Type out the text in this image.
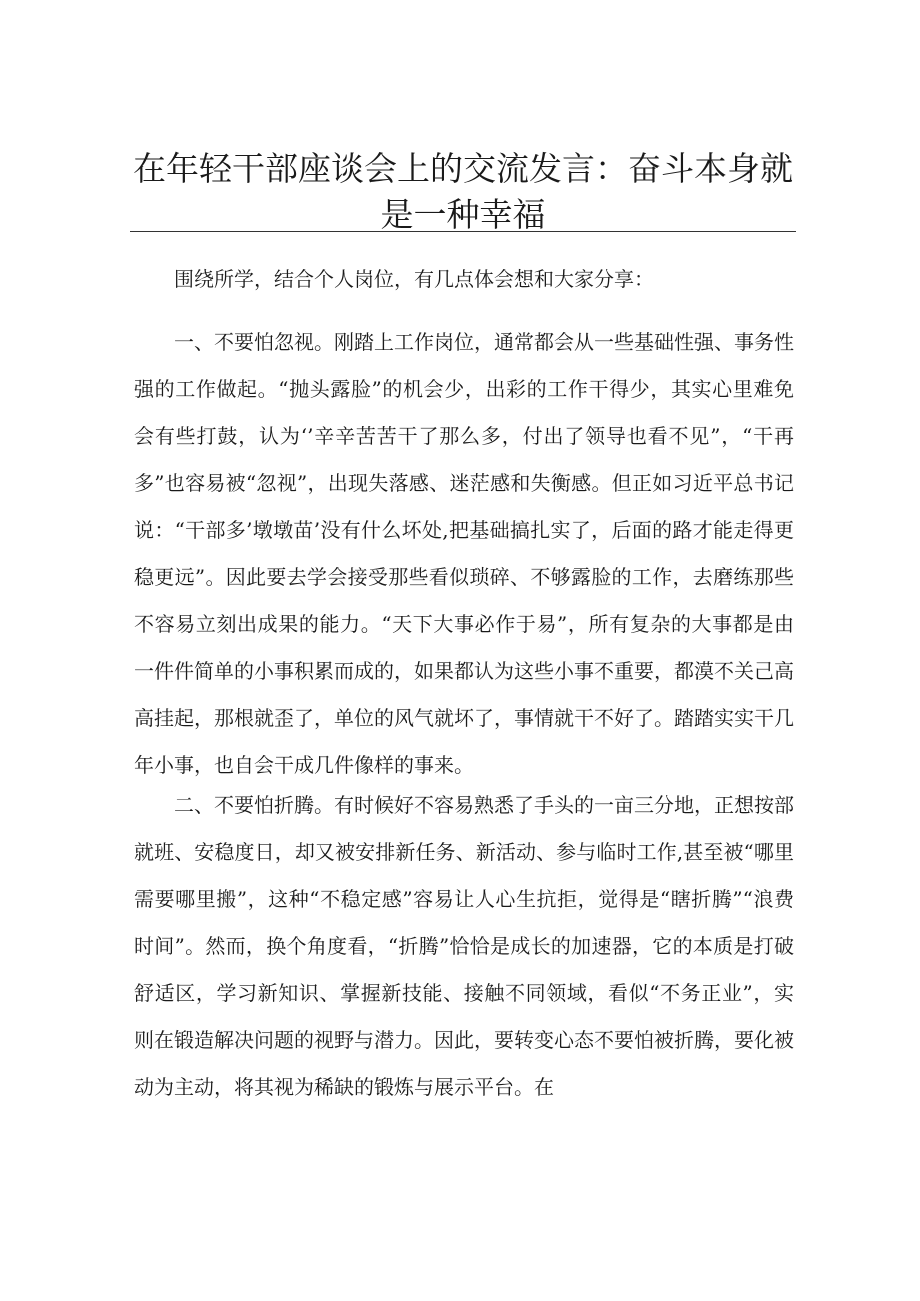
在年轻干部座谈会上的交流发言：奋斗本身就是一种幸福

围绕所学，结合个人岗位，有几点体会想和大家分享：

一、不要怕忽视。刚踏上工作岗位，通常都会从一些基础性强、事务性强的工作做起。“抛头露脸”的机会少，出彩的工作干得少，其实心里难免会有些打鼓，认为‘’辛辛苦苦干了那么多，付出了领导也看不见”，“干再多”也容易被“忽视”，出现失落感、迷茫感和失衡感。但正如习近平总书记说：“干部多’墩墩苗’没有什么坏处,把基础搞扎实了，后面的路才能走得更稳更远”。因此要去学会接受那些看似琐碎、不够露脸的工作，去磨练那些不容易立刻出成果的能力。“天下大事必作于易”，所有复杂的大事都是由一件件简单的小事积累而成的，如果都认为这些小事不重要，都漠不关己高高挂起，那根就歪了，单位的风气就坏了，事情就干不好了。踏踏实实干几年小事，也自会干成几件像样的事来。

二、不要怕折腾。有时候好不容易熟悉了手头的一亩三分地，正想按部就班、安稳度日，却又被安排新任务、新活动、参与临时工作,甚至被“哪里需要哪里搬”，这种“不稳定感”容易让人心生抗拒，觉得是“瞎折腾”“浪费时间”。然而，换个角度看，“折腾”恰恰是成长的加速器，它的本质是打破舒适区，学习新知识、掌握新技能、接触不同领域，看似“不务正业”，实则在锻造解决问题的视野与潜力。因此，要转变心态不要怕被折腾，要化被动为主动，将其视为稀缺的锻炼与展示平台。在
